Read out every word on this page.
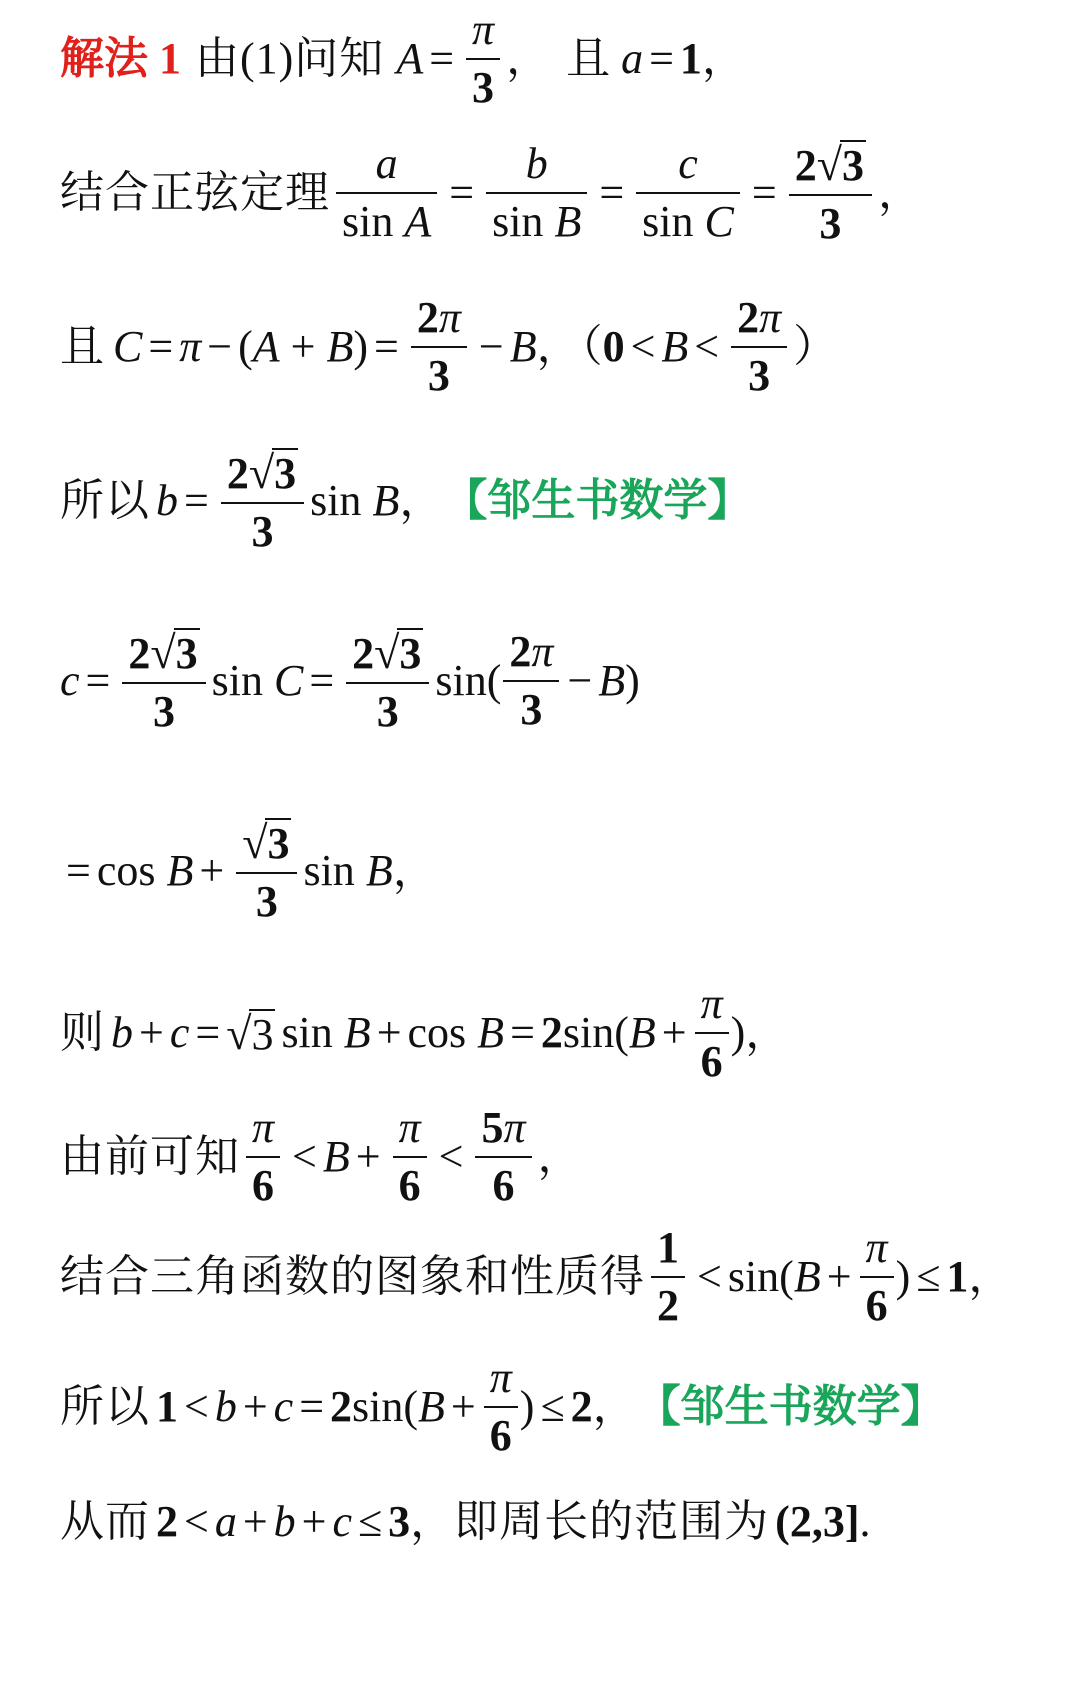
解法 1 由(1)问知 $A = \frac{\pi}{3}$ ， 且 a = 1 ，
结合正弦定理 $\frac{a}{\text{sin A}} = \frac{b}{\text{sin B}} = \frac{c}{\text{sin C}} = \frac{2 √ 3}{3}$ ，
且 $C = \pi - (A + B) = \frac{2\pi}{3} - B$ ，（ $0 < B < \frac{2\pi}{3}$ ）
所以 $b = \frac{2 √ 3}{3}$ sin B ， 【邹生书数学】
$c = \frac{2 √ 3}{3}$ $\sin C = \frac{2 √ 3}{3} \sin( \frac{2\pi}{3} - B$ )
= $\cos B + \frac{√ 3}{3}$ sin B ，
则 b + c = √ 3 sin B + cos B = 2 $\sin(B + \frac{\pi}{6}$ )，
由前可知 $\frac{\pi}{6} < B + \frac{\pi}{6} < \frac{5\pi}{6}$ ，
结合三角函数的图象和性质得 $\frac{1}{2} < \sin(B + \frac{\pi}{6}$ ) ≤ 1 ，
所以 1 < b + c = 2 $\sin(B + \frac{\pi}{6}$ ) ≤ 2 ， 【邹生书数学】
从而 2 < a + b + c ≤ 3 ， 即周长的范围为 (2,3] .
